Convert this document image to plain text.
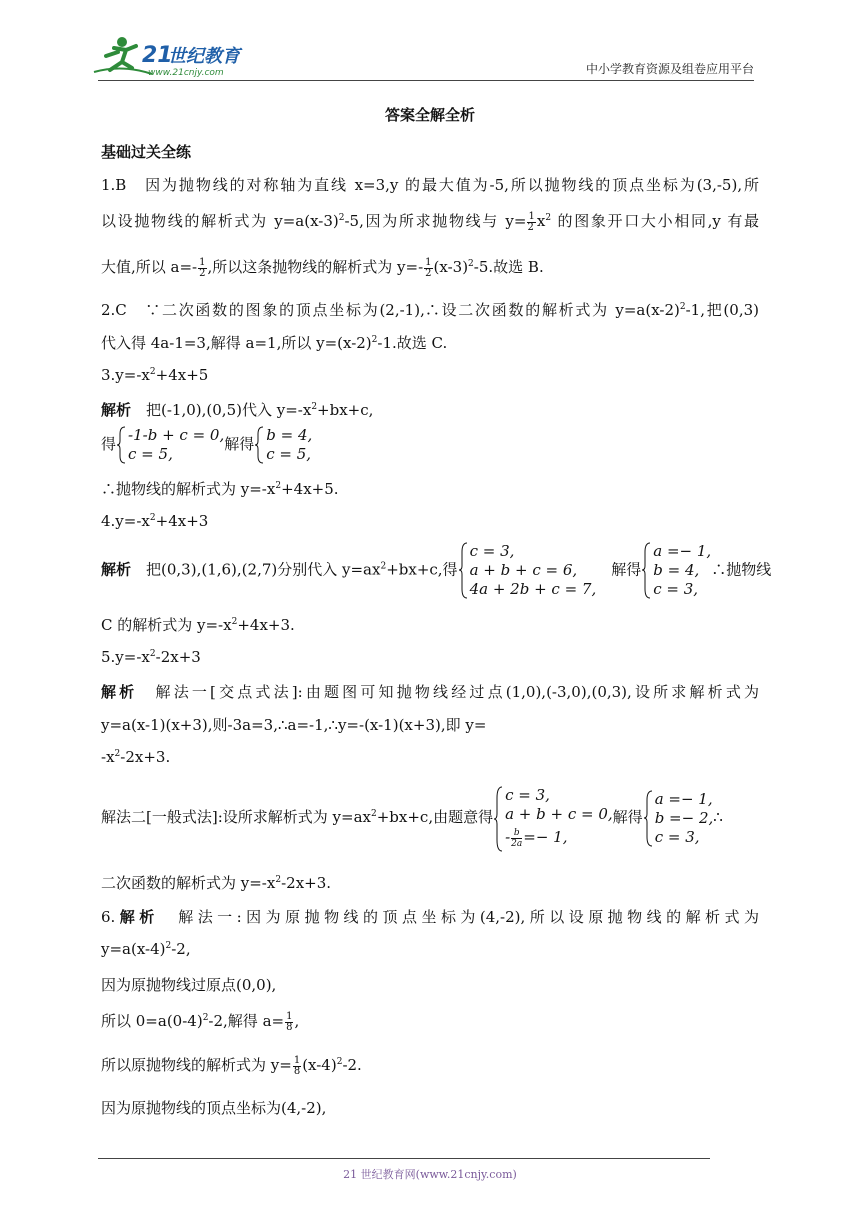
21
世纪教育
www.21cnjy.com	中小学教育资源及组卷应用平台
答案全解全析
基础过关全练
1.B　因为抛物线的对称轴为直线 x=3,y 的最大值为-5,所以抛物线的顶点坐标为(3,-5),所
以设抛物线的解析式为 $y=a(x-3)^2-5$,因为所求抛物线与 $y= \frac{1}{2} x^2$ 的图象开口大小相同,y 有最
大值,所以 $a=- \frac{1}{2}$ ,所以这条抛物线的解析式为 $y=- \frac{1}{2} (x-3)^2-5$.故选 B.
2.C　∵二次函数的图象的顶点坐标为(2,-1),∴设二次函数的解析式为 $y=a(x-2)^2-1$,把(0,3)
代入得 4a-1=3,解得 a=1,所以 $y=(x-2)^2-1$.故选 C.
$3.y=-x^2+4x+5$
解析　把(-1,0),(0,5)代入 $y=-x^2+bx+c$,
得 -1-b + c = 0,
c = 5,
解得 b = 4,
c = 5,
∴抛物线的解析式为 $y=-x^2+4x+5$.
$4.y=-x^2+4x+3$
解析　把(0,3),(1,6),(2,7)分别代入 $y=ax^2+bx+c$,得
c = 3,
a + b + c = 6,
4a + 2b + c = 7,
　解得
a =− 1,
b = 4,
c = 3,
∴抛物线
C 的解析式为 $y=-x^2+4x+3$.
$5.y=-x^2-2x+3$
解析　解法一[交点式法]:由题图可知抛物线经过点(1,0),(-3,0),(0,3),设所求解析式为
y=a(x-1)(x+3),则-3a=3,∴a=-1,∴y=-(x-1)(x+3),即 y=
$-x^2-2x+3$.
解法二[一般式法]:设所求解析式为 $y=ax^2+bx+c$,由题意得
c = 3,
a + b + c = 0,
- $\frac{b}{2a} =- 1$,
解得
a =− 1,
b =− 2,
c = 3,
∴
二次函数的解析式为 $y=-x^2-2x+3$.
6.解析　解法一:因为原抛物线的顶点坐标为(4,-2),所以设原抛物线的解析式为
$y=a(x-4)^2-2$,
因为原抛物线过原点(0,0),
所以 $0=a(0-4)^2-2$,解得 $a= \frac{1}{8}$ ,
所以原抛物线的解析式为 $y= \frac{1}{8} (x-4)^2-2$.
因为原抛物线的顶点坐标为(4,-2),
21 世纪教育网(www.21cnjy.com)
